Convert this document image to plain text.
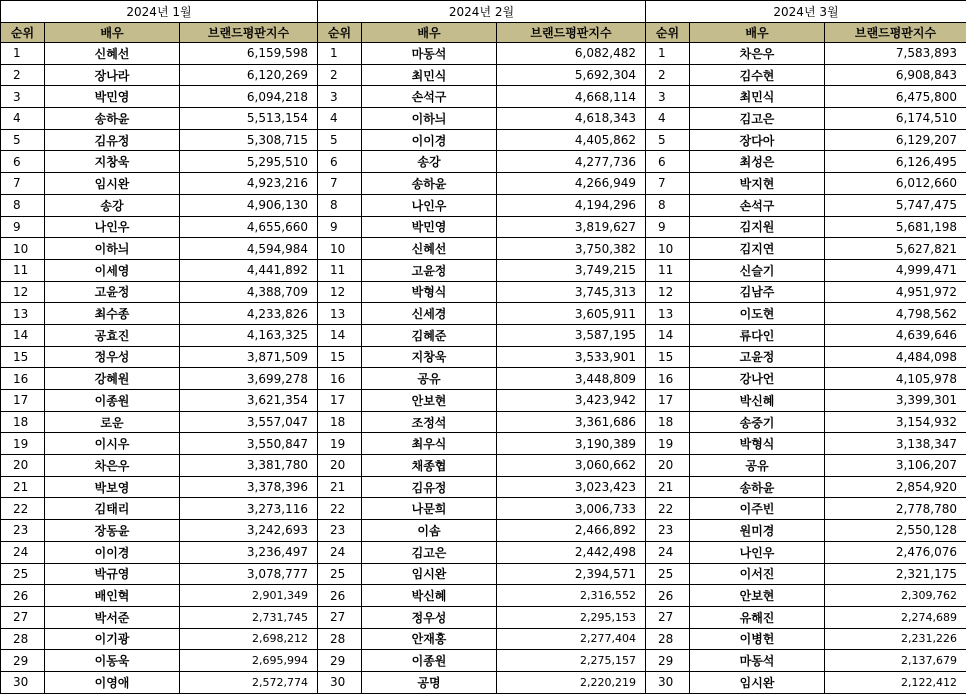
2024년 1월			2024년 2월			2024년 3월		
순위	배우	브랜드평판지수	순위	배우	브랜드평판지수	순위	배우	브랜드평판지수
1	신혜선	6,159,598	1	마동석	6,082,482	1	차은우	7,583,893
2	장나라	6,120,269	2	최민식	5,692,304	2	김수현	6,908,843
3	박민영	6,094,218	3	손석구	4,668,114	3	최민식	6,475,800
4	송하윤	5,513,154	4	이하늬	4,618,343	4	김고은	6,174,510
5	김유정	5,308,715	5	이이경	4,405,862	5	장다아	6,129,207
6	지창욱	5,295,510	6	송강	4,277,736	6	최성은	6,126,495
7	임시완	4,923,216	7	송하윤	4,266,949	7	박지현	6,012,660
8	송강	4,906,130	8	나인우	4,194,296	8	손석구	5,747,475
9	나인우	4,655,660	9	박민영	3,819,627	9	김지원	5,681,198
10	이하늬	4,594,984	10	신혜선	3,750,382	10	김지연	5,627,821
11	이세영	4,441,892	11	고윤정	3,749,215	11	신슬기	4,999,471
12	고윤정	4,388,709	12	박형식	3,745,313	12	김남주	4,951,972
13	최수종	4,233,826	13	신세경	3,605,911	13	이도현	4,798,562
14	공효진	4,163,325	14	김혜준	3,587,195	14	류다인	4,639,646
15	정우성	3,871,509	15	지창욱	3,533,901	15	고윤정	4,484,098
16	강혜원	3,699,278	16	공유	3,448,809	16	강나언	4,105,978
17	이종원	3,621,354	17	안보현	3,423,942	17	박신혜	3,399,301
18	로운	3,557,047	18	조정석	3,361,686	18	송중기	3,154,932
19	이시우	3,550,847	19	최우식	3,190,389	19	박형식	3,138,347
20	차은우	3,381,780	20	채종협	3,060,662	20	공유	3,106,207
21	박보영	3,378,396	21	김유정	3,023,423	21	송하윤	2,854,920
22	김태리	3,273,116	22	나문희	3,006,733	22	이주빈	2,778,780
23	장동윤	3,242,693	23	이솜	2,466,892	23	원미경	2,550,128
24	이이경	3,236,497	24	김고은	2,442,498	24	나인우	2,476,076
25	박규영	3,078,777	25	임시완	2,394,571	25	이서진	2,321,175
26	배인혁	2,901,349	26	박신혜	2,316,552	26	안보현	2,309,762
27	박서준	2,731,745	27	정우성	2,295,153	27	유해진	2,274,689
28	이기광	2,698,212	28	안재홍	2,277,404	28	이병헌	2,231,226
29	이동욱	2,695,994	29	이종원	2,275,157	29	마동석	2,137,679
30	이영애	2,572,774	30	공명	2,220,219	30	임시완	2,122,412
